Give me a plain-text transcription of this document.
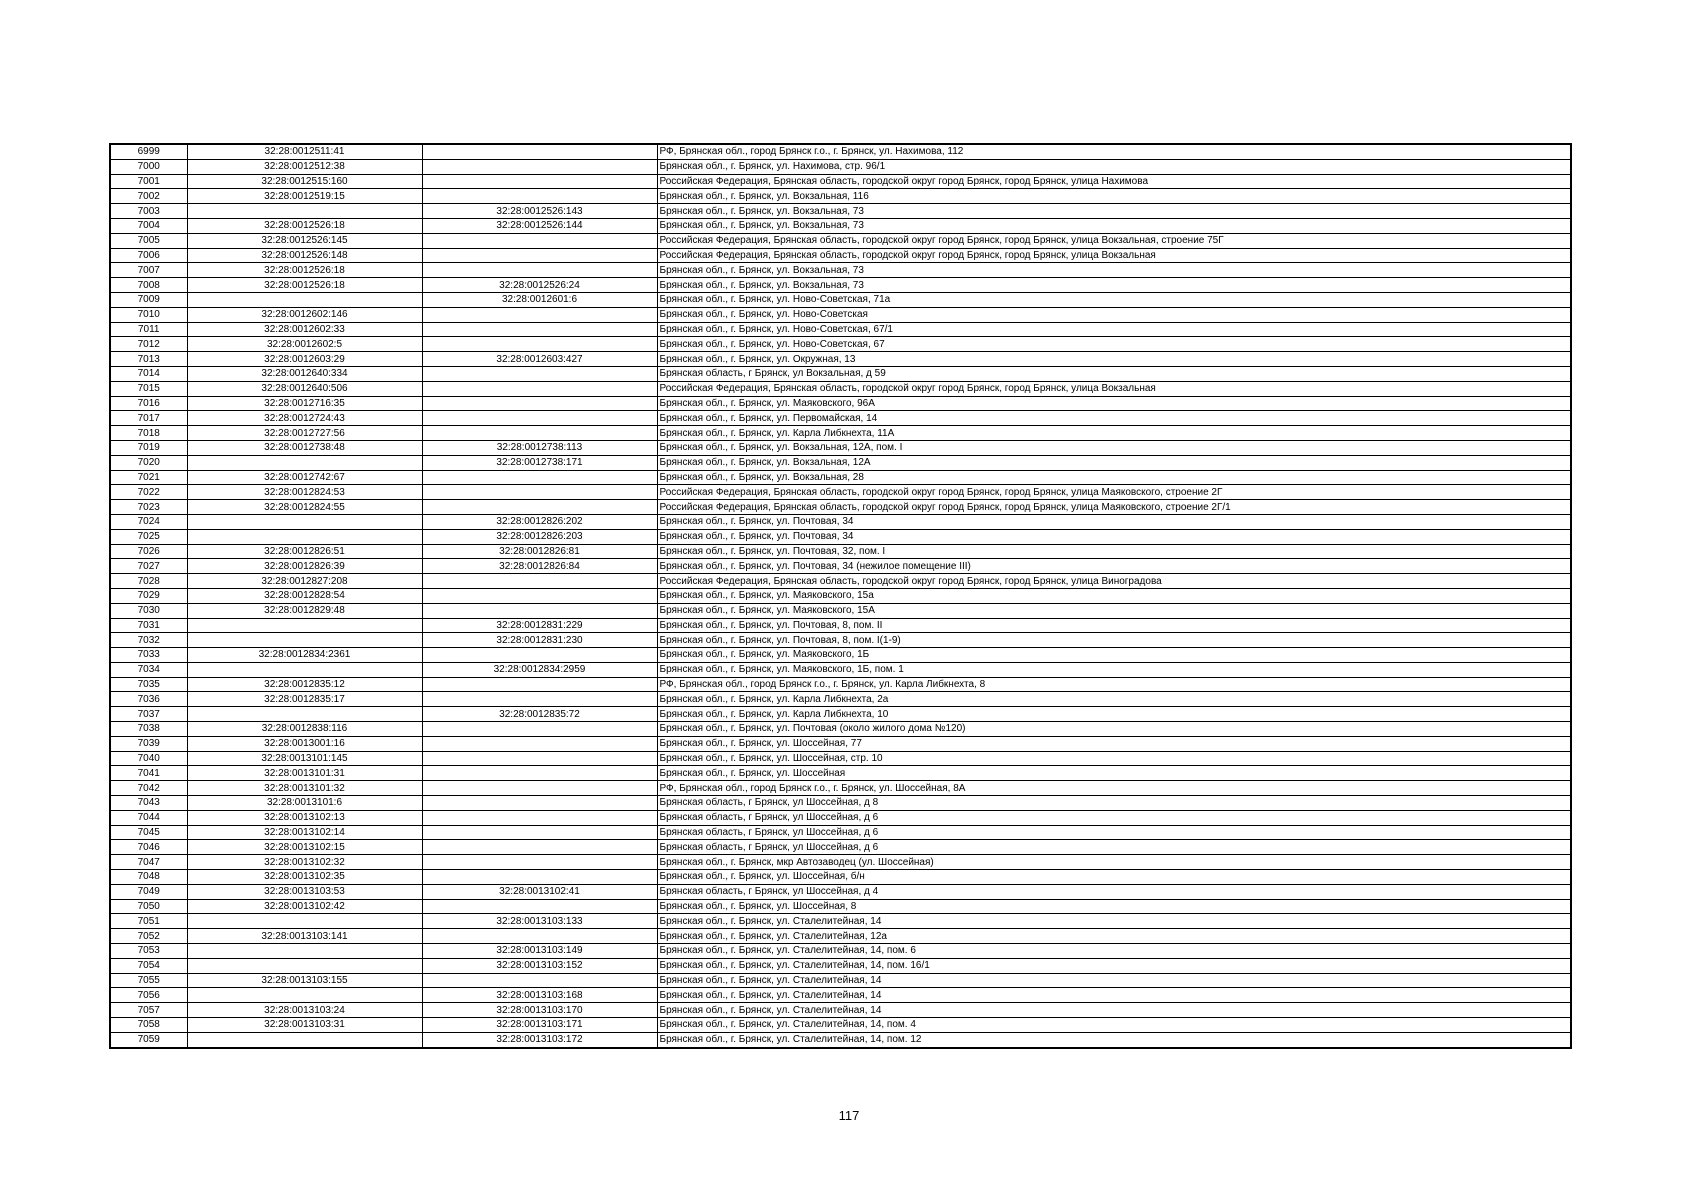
6999	32:28:0012511:41		РФ, Брянская обл., город Брянск г.о., г. Брянск, ул. Нахимова, 112
7000	32:28:0012512:38		Брянская обл., г. Брянск, ул. Нахимова, стр. 96/1
7001	32:28:0012515:160		Российская Федерация, Брянская область, городской округ город Брянск, город Брянск, улица Нахимова
7002	32:28:0012519:15		Брянская обл., г. Брянск, ул. Вокзальная, 116
7003		32:28:0012526:143	Брянская обл., г. Брянск, ул. Вокзальная, 73
7004	32:28:0012526:18	32:28:0012526:144	Брянская обл., г. Брянск, ул. Вокзальная, 73
7005	32:28:0012526:145		Российская Федерация, Брянская область, городской округ город Брянск, город Брянск, улица Вокзальная, строение 75Г
7006	32:28:0012526:148		Российская Федерация, Брянская область, городской округ город Брянск, город Брянск, улица Вокзальная
7007	32:28:0012526:18		Брянская обл., г. Брянск, ул. Вокзальная, 73
7008	32:28:0012526:18	32:28:0012526:24	Брянская обл., г. Брянск, ул. Вокзальная, 73
7009		32:28:0012601:6	Брянская обл., г. Брянск, ул. Ново-Советская, 71а
7010	32:28:0012602:146		Брянская обл., г. Брянск, ул. Ново-Советская
7011	32:28:0012602:33		Брянская обл., г. Брянск, ул. Ново-Советская, 67/1
7012	32:28:0012602:5		Брянская обл., г. Брянск, ул. Ново-Советская, 67
7013	32:28:0012603:29	32:28:0012603:427	Брянская обл., г. Брянск, ул. Окружная, 13
7014	32:28:0012640:334		Брянская область, г Брянск, ул Вокзальная, д 59
7015	32:28:0012640:506		Российская Федерация, Брянская область, городской округ город Брянск, город Брянск, улица Вокзальная
7016	32:28:0012716:35		Брянская обл., г. Брянск, ул. Маяковского, 96А
7017	32:28:0012724:43		Брянская обл., г. Брянск, ул. Первомайская, 14
7018	32:28:0012727:56		Брянская обл., г. Брянск, ул. Карла Либкнехта, 11А
7019	32:28:0012738:48	32:28:0012738:113	Брянская обл., г. Брянск, ул. Вокзальная, 12А, пом. I
7020		32:28:0012738:171	Брянская обл., г. Брянск, ул. Вокзальная, 12А
7021	32:28:0012742:67		Брянская обл., г. Брянск, ул. Вокзальная, 28
7022	32:28:0012824:53		Российская Федерация, Брянская область, городской округ город Брянск, город Брянск, улица Маяковского, строение 2Г
7023	32:28:0012824:55		Российская Федерация, Брянская область, городской округ город Брянск, город Брянск, улица Маяковского, строение 2Г/1
7024		32:28:0012826:202	Брянская обл., г. Брянск, ул. Почтовая, 34
7025		32:28:0012826:203	Брянская обл., г. Брянск, ул. Почтовая, 34
7026	32:28:0012826:51	32:28:0012826:81	Брянская обл., г. Брянск, ул. Почтовая, 32, пом. I
7027	32:28:0012826:39	32:28:0012826:84	Брянская обл., г. Брянск, ул. Почтовая, 34 (нежилое помещение III)
7028	32:28:0012827:208		Российская Федерация, Брянская область, городской округ город Брянск, город Брянск, улица Виноградова
7029	32:28:0012828:54		Брянская обл., г. Брянск, ул. Маяковского, 15а
7030	32:28:0012829:48		Брянская обл., г. Брянск, ул. Маяковского, 15А
7031		32:28:0012831:229	Брянская обл., г. Брянск, ул. Почтовая, 8, пом. II
7032		32:28:0012831:230	Брянская обл., г. Брянск, ул. Почтовая, 8, пом. I(1-9)
7033	32:28:0012834:2361		Брянская обл., г. Брянск, ул. Маяковского, 1Б
7034		32:28:0012834:2959	Брянская обл., г. Брянск, ул. Маяковского, 1Б, пом. 1
7035	32:28:0012835:12		РФ, Брянская обл., город Брянск г.о., г. Брянск, ул. Карла Либкнехта, 8
7036	32:28:0012835:17		Брянская обл., г. Брянск, ул. Карла Либкнехта, 2а
7037		32:28:0012835:72	Брянская обл., г. Брянск, ул. Карла Либкнехта, 10
7038	32:28:0012838:116		Брянская обл., г. Брянск, ул. Почтовая (около жилого дома №120)
7039	32:28:0013001:16		Брянская обл., г. Брянск, ул. Шоссейная, 77
7040	32:28:0013101:145		Брянская обл., г. Брянск, ул. Шоссейная, стр. 10
7041	32:28:0013101:31		Брянская обл., г. Брянск, ул. Шоссейная
7042	32:28:0013101:32		РФ, Брянская обл., город Брянск г.о., г. Брянск, ул. Шоссейная, 8А
7043	32:28:0013101:6		Брянская область, г Брянск, ул Шоссейная, д 8
7044	32:28:0013102:13		Брянская область, г Брянск, ул Шоссейная, д 6
7045	32:28:0013102:14		Брянская область, г Брянск, ул Шоссейная, д 6
7046	32:28:0013102:15		Брянская область, г Брянск, ул Шоссейная, д 6
7047	32:28:0013102:32		Брянская обл., г. Брянск, мкр Автозаводец (ул. Шоссейная)
7048	32:28:0013102:35		Брянская обл., г. Брянск, ул. Шоссейная, б/н
7049	32:28:0013103:53	32:28:0013102:41	Брянская область, г Брянск, ул Шоссейная, д 4
7050	32:28:0013102:42		Брянская обл., г. Брянск, ул. Шоссейная, 8
7051		32:28:0013103:133	Брянская обл., г. Брянск, ул. Сталелитейная, 14
7052	32:28:0013103:141		Брянская обл., г. Брянск, ул. Сталелитейная, 12а
7053		32:28:0013103:149	Брянская обл., г. Брянск, ул. Сталелитейная, 14, пом. 6
7054		32:28:0013103:152	Брянская обл., г. Брянск, ул. Сталелитейная, 14, пом. 16/1
7055	32:28:0013103:155		Брянская обл., г. Брянск, ул. Сталелитейная, 14
7056		32:28:0013103:168	Брянская обл., г. Брянск, ул. Сталелитейная, 14
7057	32:28:0013103:24	32:28:0013103:170	Брянская обл., г. Брянск, ул. Сталелитейная, 14
7058	32:28:0013103:31	32:28:0013103:171	Брянская обл., г. Брянск, ул. Сталелитейная, 14, пом. 4
7059		32:28:0013103:172	Брянская обл., г. Брянск, ул. Сталелитейная, 14, пом. 12
117
